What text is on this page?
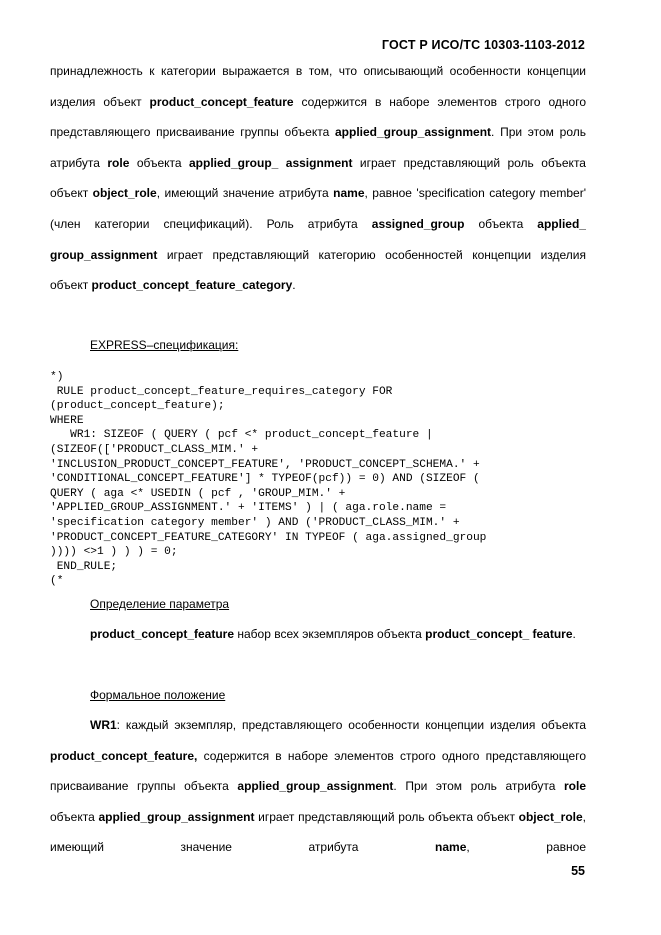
ГОСТ Р ИСО/ТС 10303-1103-2012
принадлежность к категории выражается в том, что описывающий особенности концепции изделия объект product_concept_feature содержится в наборе элементов строго одного представляющего присваивание группы объекта applied_group_assignment. При этом роль атрибута role объекта applied_group_ assignment играет представляющий роль объекта объект object_role, имеющий значение атрибута name, равное 'specification category member' (член категории спецификаций). Роль атрибута assigned_group объекта applied_ group_assignment играет представляющий категорию особенностей концепции изделия объект product_concept_feature_category.
EXPRESS–спецификация:
*)
RULE product_concept_feature_requires_category FOR
(product_concept_feature);
WHERE
WR1: SIZEOF ( QUERY ( pcf <* product_concept_feature |
(SIZEOF(['PRODUCT_CLASS_MIM.' +
'INCLUSION_PRODUCT_CONCEPT_FEATURE', 'PRODUCT_CONCEPT_SCHEMA.' +
'CONDITIONAL_CONCEPT_FEATURE'] * TYPEOF(pcf)) = 0) AND (SIZEOF (
QUERY ( aga <* USEDIN ( pcf , 'GROUP_MIM.' +
'APPLIED_GROUP_ASSIGNMENT.' + 'ITEMS' ) | ( aga.role.name =
'specification category member' ) AND ('PRODUCT_CLASS_MIM.' +
'PRODUCT_CONCEPT_FEATURE_CATEGORY' IN TYPEOF ( aga.assigned_group
)))) <>1 ) ) ) = 0;
END_RULE;
(*
Определение параметра
product_concept_feature набор всех экземпляров объекта product_concept_ feature.
Формальное положение
WR1: каждый экземпляр, представляющего особенности концепции изделия объекта product_concept_feature, содержится в наборе элементов строго одного представляющего присваивание группы объекта applied_group_assignment. При этом роль атрибута role объекта applied_group_assignment играет представляющий роль объекта объект object_role, имеющий значение атрибута name, равное
55
